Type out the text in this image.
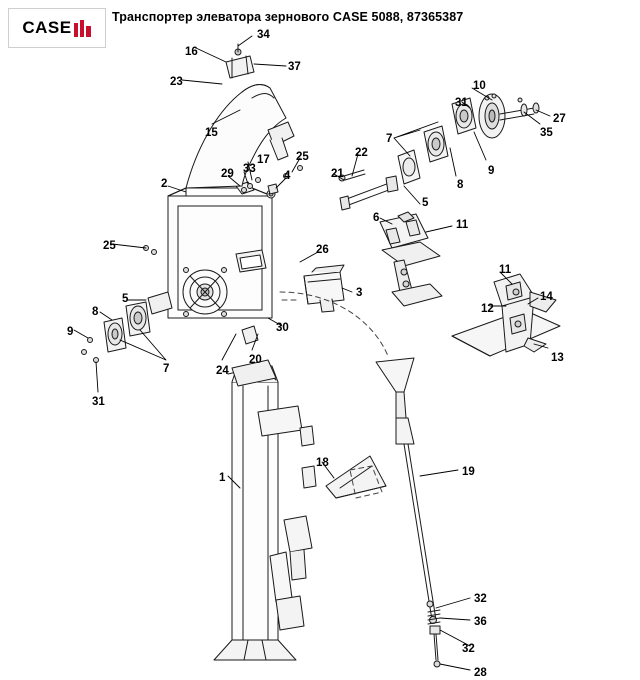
CASE
Транспортер элеватора зернового CASE 5088, 87365387
34
16
37
23	10
31
27
15	35
7
9
8
22
25
33
17
29	21
4
2
5
6
11
26
25
11
3
12
14
5
8
30
9
13
7	24
20
31
18
19
1
32
36
32
28
